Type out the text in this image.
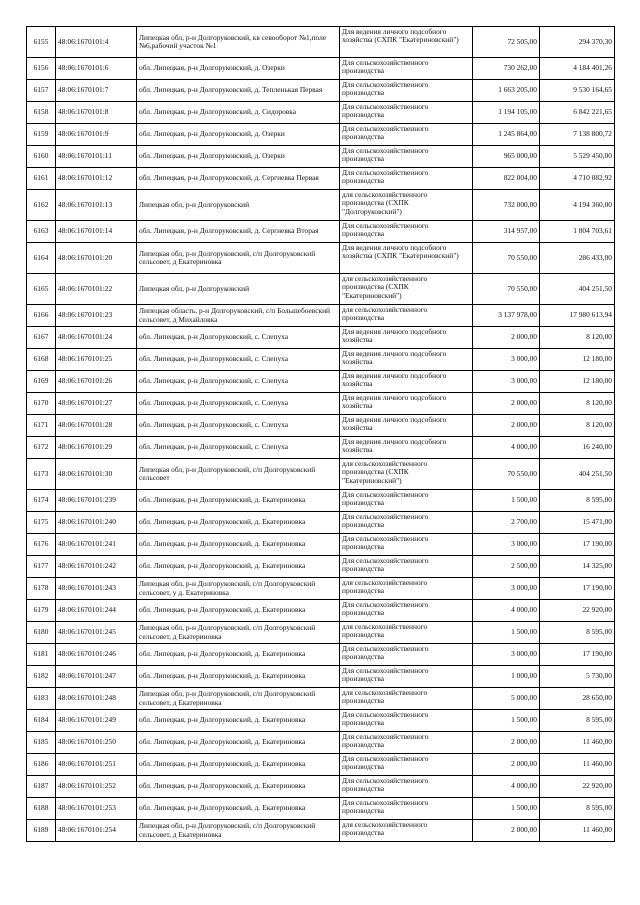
6155	48:06:1670101:4	Липецкая обл, р-н Долгоруковский, кв севооборот №1,поле №6,рабочий участок №1	Для ведения личного подсобного хозяйства (СХПК "Екатериновский")	72 505,00	294 370,30
6156	48:06:1670101:6	обл. Липецкая, р-н Долгоруковский, д. Озерки	Для сельскохозяйственного производства	730 262,00	4 184 401,26
6157	48:06:1670101:7	обл. Липецкая, р-н Долгоруковский, д. Тепленькая Первая	Для сельскохозяйственного производства	1 663 205,00	9 530 164,65
6158	48:06:1670101:8	обл. Липецкая, р-н Долгоруковский, д. Сидоровка	Для сельскохозяйственного производства	1 194 105,00	6 842 221,65
6159	48:06:1670101:9	обл. Липецкая, р-н Долгоруковский, д. Озерки	Для сельскохозяйственного производства	1 245 864,00	7 138 800,72
6160	48:06:1670101:11	обл. Липецкая, р-н Долгоруковский, д. Озерки	Для сельскохозяйственного производства	965 000,00	5 529 450,00
6161	48:06:1670101:12	обл. Липецкая, р-н Долгоруковский, д. Сергиевка Первая	Для сельскохозяйственного производства	822 004,00	4 710 082,92
6162	48:06:1670101:13	Липецкая обл, р-н Долгоруковский	для сельскохозяйственного производства (СХПК "Долгоруковский")	732 000,00	4 194 360,00
6163	48:06:1670101:14	обл. Липецкая, р-н Долгоруковский, д. Сергиевка Вторая	Для сельскохозяйственного производства	314 957,00	1 804 703,61
6164	48:06:1670101:20	Липецкая обл, р-н Долгоруковский, с/п Долгоруковский сельсовет, д Екатериновка	Для ведения личного подсобного хозяйства (СХПК "Екатериновский")	70 550,00	286 433,00
6165	48:06:1670101:22	Липецкая обл, р-н Долгоруковский	для сельскохозяйственного производства (СХПК "Екатериновский")	70 550,00	404 251,50
6166	48:06:1670101:23	Липецкая область, р-н Долгоруковский, с/п Большебоевский сельсовет, д Михайловка	для сельскохозяйственного производства	3 137 978,00	17 980 613,94
6167	48:06:1670101:24	обл. Липецкая, р-н Долгоруковский, с. Слепуха	Для ведения личного подсобного хозяйства	2 000,00	8 120,00
6168	48:06:1670101:25	обл. Липецкая, р-н Долгоруковский, с. Слепуха	Для ведения личного подсобного хозяйства	3 000,00	12 180,00
6169	48:06:1670101:26	обл. Липецкая, р-н Долгоруковский, с. Слепуха	Для ведения личного подсобного хозяйства	3 000,00	12 180,00
6170	48:06:1670101:27	обл. Липецкая, р-н Долгоруковский, с. Слепуха	Для ведения личного подсобного хозяйства	2 000,00	8 120,00
6171	48:06:1670101:28	обл. Липецкая, р-н Долгоруковский, с. Слепуха	Для ведения личного подсобного хозяйства	2 000,00	8 120,00
6172	48:06:1670101:29	обл. Липецкая, р-н Долгоруковский, с. Слепуха	Для ведения личного подсобного хозяйства	4 000,00	16 240,00
6173	48:06:1670101:30	Липецкая обл, р-н Долгоруковский, с/п Долгоруковский сельсовет	для сельскохозяйственного производства (СХПК "Екатериновский")	70 550,00	404 251,50
6174	48:06:1670101:239	обл. Липецкая, р-н Долгоруковский, д. Екатериновка	Для сельскохозяйственного производства	1 500,00	8 595,00
6175	48:06:1670101:240	обл. Липецкая, р-н Долгоруковский, д. Екатериновка	Для сельскохозяйственного производства	2 700,00	15 471,00
6176	48:06:1670101:241	обл. Липецкая, р-н Долгоруковский, д. Екатериновка	Для сельскохозяйственного производства	3 000,00	17 190,00
6177	48:06:1670101:242	обл. Липецкая, р-н Долгоруковский, д. Екатериновка	Для сельскохозяйственного производства	2 500,00	14 325,00
6178	48:06:1670101:243	Липецкая обл, р-н Долгоруковский, с/п Долгоруковский сельсовет, у д. Екатериновка	для сельскохозяйственного производства	3 000,00	17 190,00
6179	48:06:1670101:244	обл. Липецкая, р-н Долгоруковский, д. Екатериновка	Для сельскохозяйственного производства	4 000,00	22 920,00
6180	48:06:1670101:245	Липецкая обл, р-н Долгоруковский, с/п Долгоруковский сельсовет, д Екатериновка	для сельскохозяйственного производства	1 500,00	8 595,00
6181	48:06:1670101:246	обл. Липецкая, р-н Долгоруковский, д. Екатериновка	Для сельскохозяйственного производства	3 000,00	17 190,00
6182	48:06:1670101:247	обл. Липецкая, р-н Долгоруковский, д. Екатериновка	Для сельскохозяйственного производства	1 000,00	5 730,00
6183	48:06:1670101:248	Липецкая обл, р-н Долгоруковский, с/п Долгоруковский сельсовет, д Екатериновка	для сельскохозяйственного производства	5 000,00	28 650,00
6184	48:06:1670101:249	обл. Липецкая, р-н Долгоруковский, д. Екатериновка	Для сельскохозяйственного производства	1 500,00	8 595,00
6185	48:06:1670101:250	обл. Липецкая, р-н Долгоруковский, д. Екатериновка	Для сельскохозяйственного производства	2 000,00	11 460,00
6186	48:06:1670101:251	обл. Липецкая, р-н Долгоруковский, д. Екатериновка	Для сельскохозяйственного производства	2 000,00	11 460,00
6187	48:06:1670101:252	обл. Липецкая, р-н Долгоруковский, д. Екатериновка	Для сельскохозяйственного производства	4 000,00	22 920,00
6188	48:06:1670101:253	обл. Липецкая, р-н Долгоруковский, д. Екатериновка	Для сельскохозяйственного производства	1 500,00	8 595,00
6189	48:06:1670101:254	Липецкая обл, р-н Долгоруковский, с/п Долгоруковский сельсовет, д Екатериновка	для сельскохозяйственного производства	2 000,00	11 460,00
